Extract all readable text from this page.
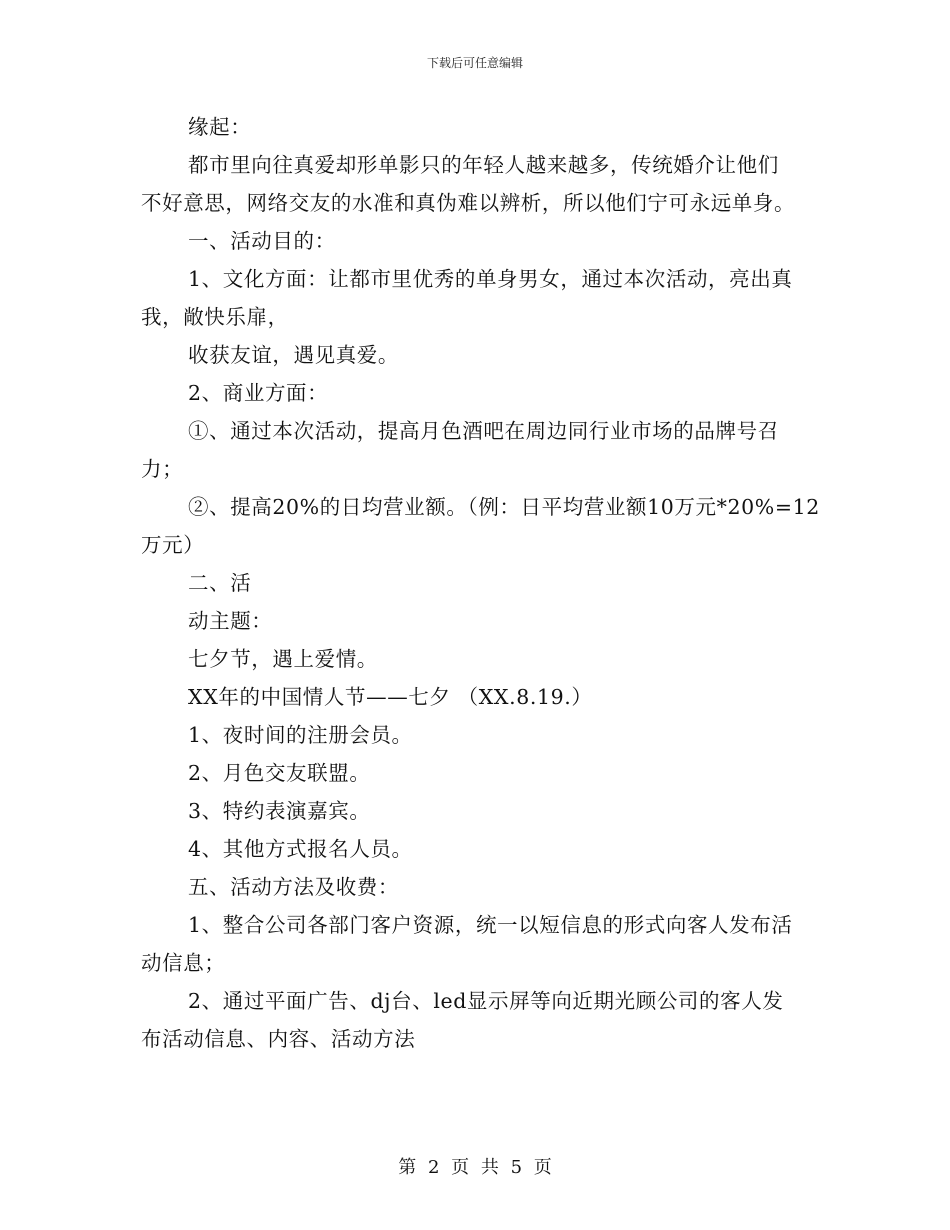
下载后可任意编辑
缘起：
都市里向往真爱却形单影只的年轻人越来越多，传统婚介让他们
不好意思，网络交友的水准和真伪难以辨析，所以他们宁可永远单身。
一、活动目的：
1、文化方面：让都市里优秀的单身男女，通过本次活动，亮出真
我，敞快乐扉，
收获友谊，遇见真爱。
2、商业方面：
①、通过本次活动，提高月色酒吧在周边同行业市场的品牌号召
力；
②、提高20%的日均营业额。（例：日平均营业额10万元*20%=12
万元）
二、活
动主题：
七夕节，遇上爱情。
XX年的中国情人节——七夕 （XX.8.19.）
1、夜时间的注册会员。
2、月色交友联盟。
3、特约表演嘉宾。
4、其他方式报名人员。
五、活动方法及收费：
1、整合公司各部门客户资源，统一以短信息的形式向客人发布活
动信息；
2、通过平面广告、dj台、led显示屏等向近期光顾公司的客人发
布活动信息、内容、活动方法
第 2 页 共 5 页
